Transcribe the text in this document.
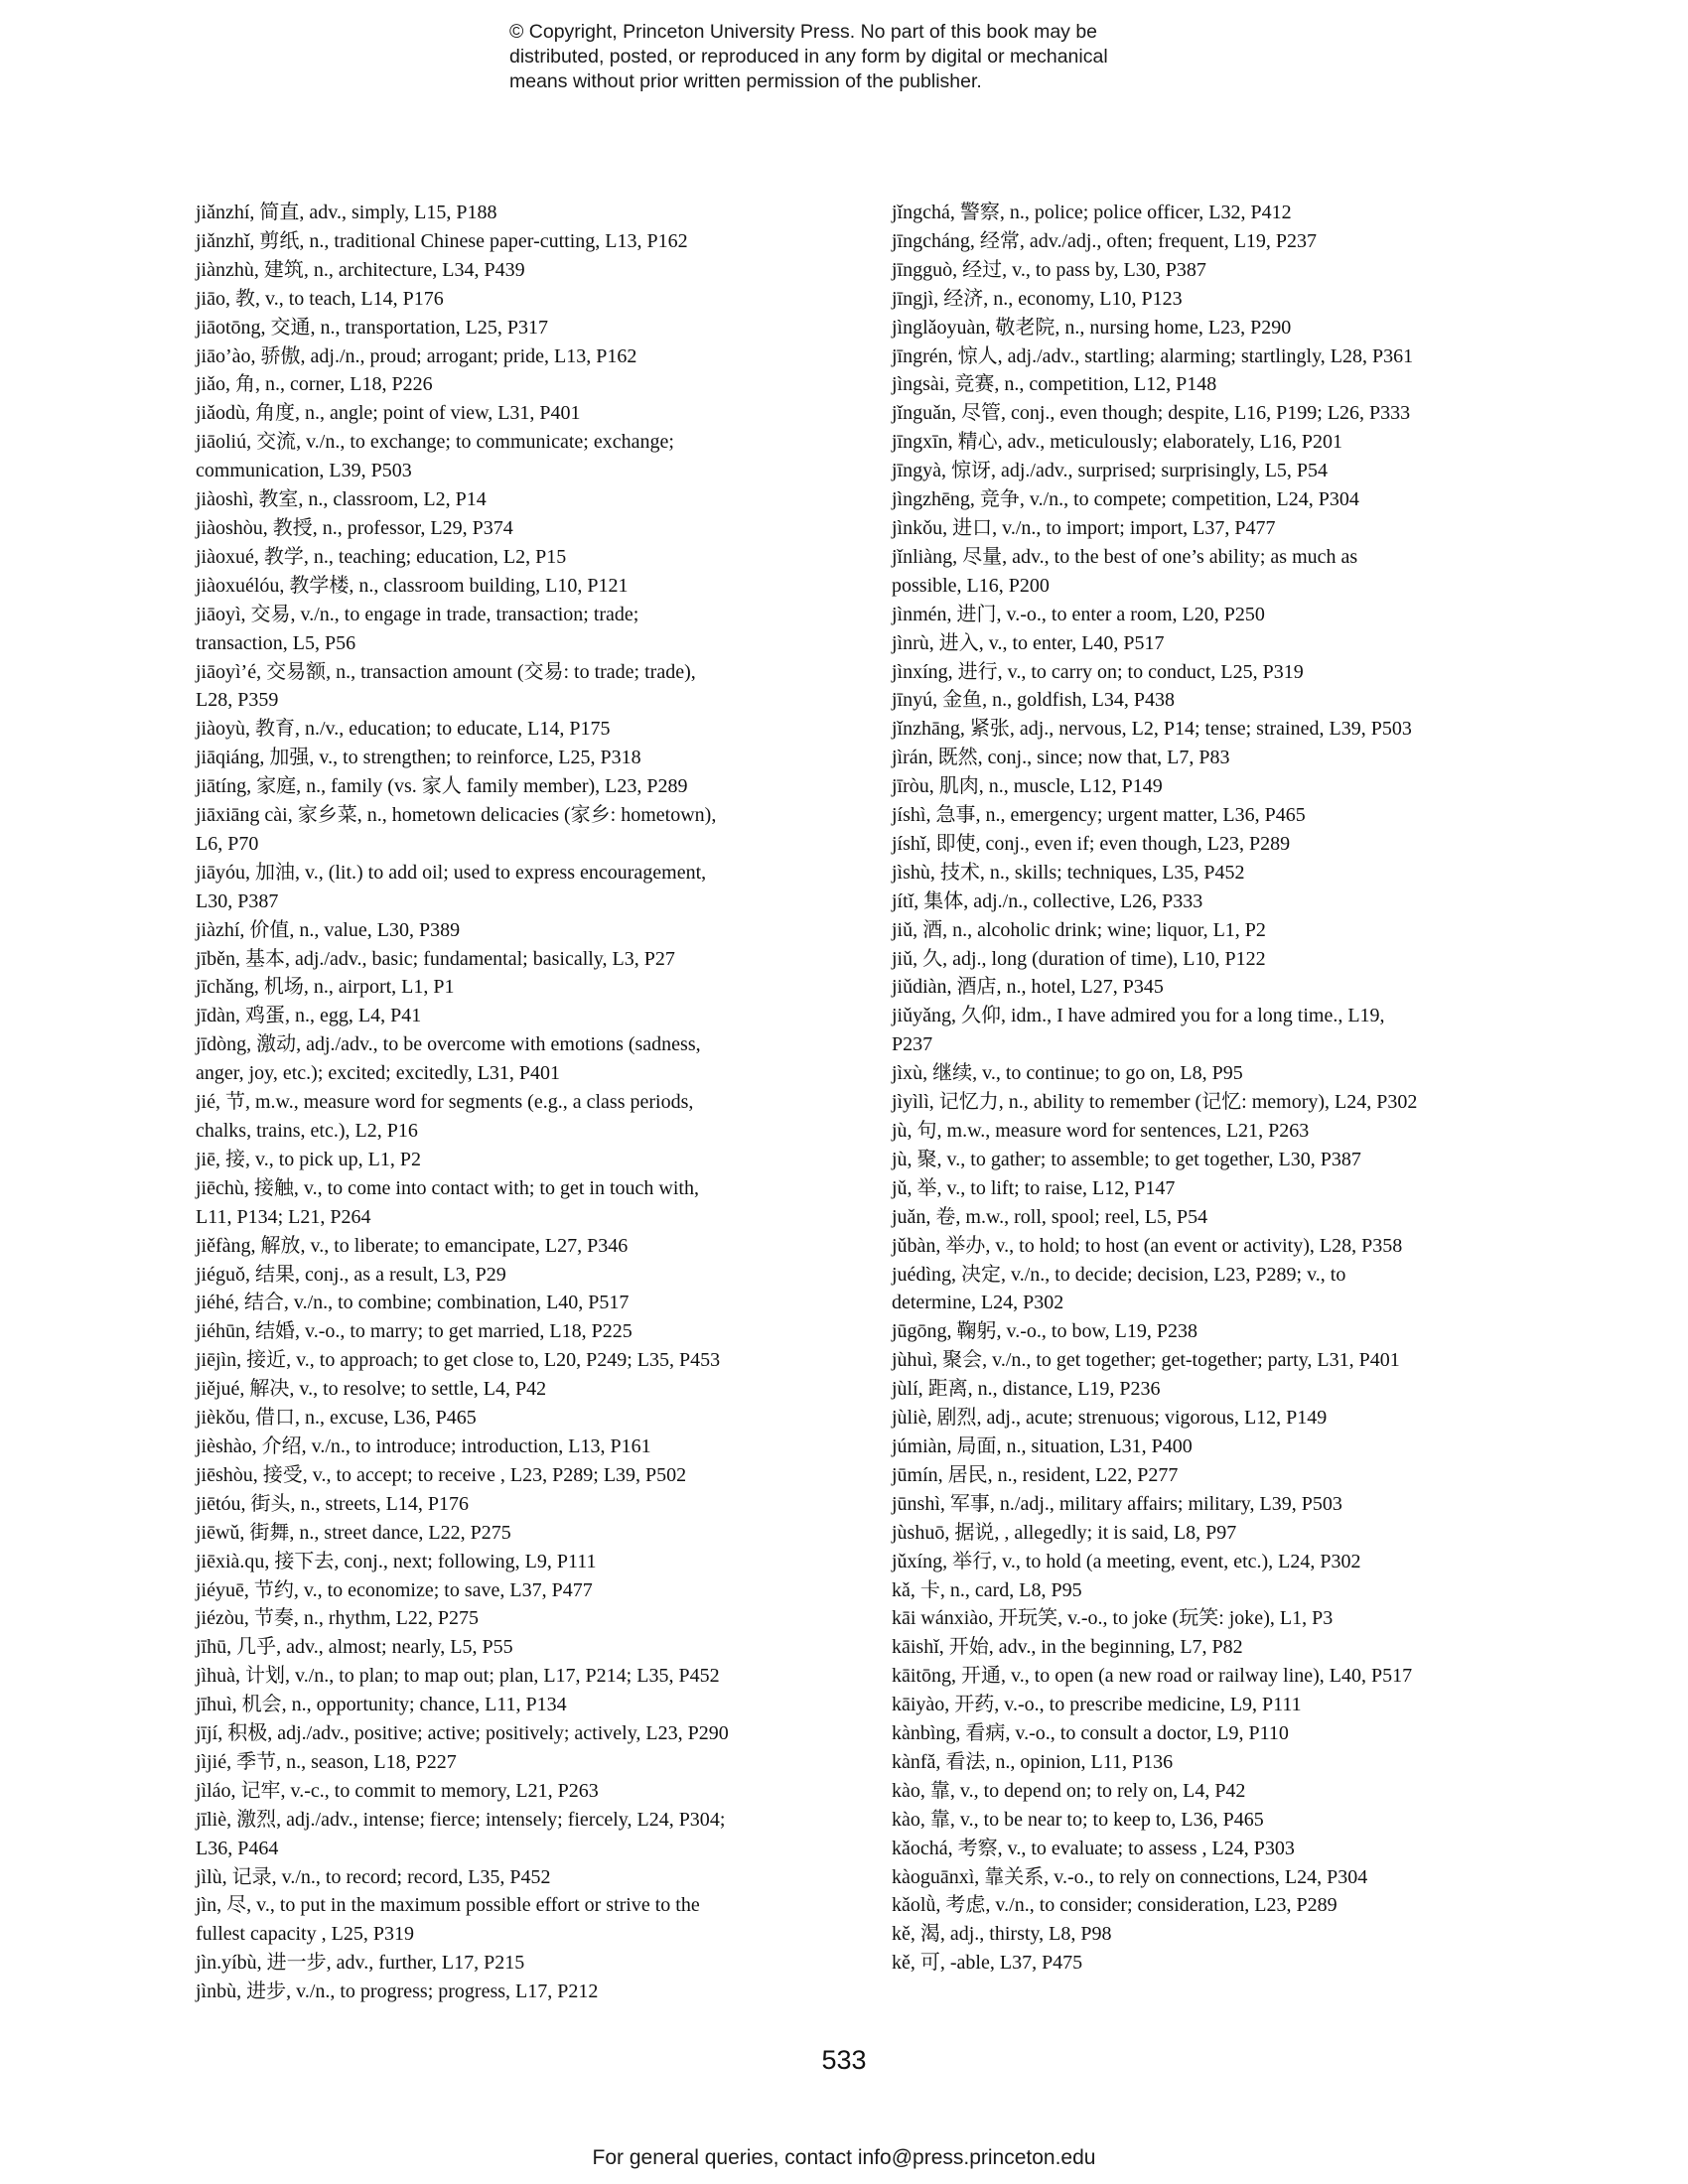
© Copyright, Princeton University Press. No part of this book may be
distributed, posted, or reproduced in any form by digital or mechanical
means without prior written permission of the publisher.
jiǎnzhí, 简直, adv., simply, L15, P188
jiǎnzhǐ, 剪纸, n., traditional Chinese paper-cutting, L13, P162
jiànzhù, 建筑, n., architecture, L34, P439
jiāo, 教, v., to teach, L14, P176
jiāotōng, 交通, n., transportation, L25, P317
jiāo’ào, 骄傲, adj./n., proud; arrogant; pride, L13, P162
jiǎo, 角, n., corner, L18, P226
jiǎodù, 角度, n., angle; point of view, L31, P401
jiāoliú, 交流, v./n., to exchange; to communicate; exchange;
communication, L39, P503
jiàoshì, 教室, n., classroom, L2, P14
jiàoshòu, 教授, n., professor, L29, P374
jiàoxué, 教学, n., teaching; education, L2, P15
jiàoxuélóu, 教学楼, n., classroom building, L10, P121
jiāoyì, 交易, v./n., to engage in trade, transaction; trade;
transaction, L5, P56
jiāoyì’é, 交易额, n., transaction amount (交易: to trade; trade),
L28, P359
jiàoyù, 教育, n./v., education; to educate, L14, P175
jiāqiáng, 加强, v., to strengthen; to reinforce, L25, P318
jiātíng, 家庭, n., family (vs. 家人 family member), L23, P289
jiāxiāng cài, 家乡菜, n., hometown delicacies (家乡: hometown),
L6, P70
jiāyóu, 加油, v., (lit.) to add oil; used to express encouragement,
L30, P387
jiàzhí, 价值, n., value, L30, P389
jīběn, 基本, adj./adv., basic; fundamental; basically, L3, P27
jīchǎng, 机场, n., airport, L1, P1
jīdàn, 鸡蛋, n., egg, L4, P41
jīdòng, 激动, adj./adv., to be overcome with emotions (sadness,
anger, joy, etc.); excited; excitedly, L31, P401
jié, 节, m.w., measure word for segments (e.g., a class periods,
chalks, trains, etc.), L2, P16
jiē, 接, v., to pick up, L1, P2
jiēchù, 接触, v., to come into contact with; to get in touch with,
L11, P134; L21, P264
jiěfàng, 解放, v., to liberate; to emancipate, L27, P346
jiéguǒ, 结果, conj., as a result, L3, P29
jiéhé, 结合, v./n., to combine; combination, L40, P517
jiéhūn, 结婚, v.-o., to marry; to get married, L18, P225
jiējìn, 接近, v., to approach; to get close to, L20, P249; L35, P453
jiějué, 解决, v., to resolve; to settle, L4, P42
jièkǒu, 借口, n., excuse, L36, P465
jièshào, 介绍, v./n., to introduce; introduction, L13, P161
jiēshòu, 接受, v., to accept; to receive , L23, P289; L39, P502
jiētóu, 街头, n., streets, L14, P176
jiēwǔ, 街舞, n., street dance, L22, P275
jiēxià.qu, 接下去, conj., next; following, L9, P111
jiéyuē, 节约, v., to economize; to save, L37, P477
jiézòu, 节奏, n., rhythm, L22, P275
jīhū, 几乎, adv., almost; nearly, L5, P55
jìhuà, 计划, v./n., to plan; to map out; plan, L17, P214; L35, P452
jīhuì, 机会, n., opportunity; chance, L11, P134
jījí, 积极, adj./adv., positive; active; positively; actively, L23, P290
jìjié, 季节, n., season, L18, P227
jìláo, 记牢, v.-c., to commit to memory, L21, P263
jīliè, 激烈, adj./adv., intense; fierce; intensely; fiercely, L24, P304;
L36, P464
jìlù, 记录, v./n., to record; record, L35, P452
jìn, 尽, v., to put in the maximum possible effort or strive to the
fullest capacity , L25, P319
jìn.yíbù, 进一步, adv., further, L17, P215
jìnbù, 进步, v./n., to progress; progress, L17, P212
jǐngchá, 警察, n., police; police officer, L32, P412
jīngcháng, 经常, adv./adj., often; frequent, L19, P237
jīngguò, 经过, v., to pass by, L30, P387
jīngjì, 经济, n., economy, L10, P123
jìnglǎoyuàn, 敬老院, n., nursing home, L23, P290
jīngrén, 惊人, adj./adv., startling; alarming; startlingly, L28, P361
jìngsài, 竞赛, n., competition, L12, P148
jǐnguǎn, 尽管, conj., even though; despite, L16, P199; L26, P333
jīngxīn, 精心, adv., meticulously; elaborately, L16, P201
jīngyà, 惊讶, adj./adv., surprised; surprisingly, L5, P54
jìngzhēng, 竞争, v./n., to compete; competition, L24, P304
jìnkǒu, 进口, v./n., to import; import, L37, P477
jǐnliàng, 尽量, adv., to the best of one’s ability; as much as
possible, L16, P200
jìnmén, 进门, v.-o., to enter a room, L20, P250
jìnrù, 进入, v., to enter, L40, P517
jìnxíng, 进行, v., to carry on; to conduct, L25, P319
jīnyú, 金鱼, n., goldfish, L34, P438
jǐnzhāng, 紧张, adj., nervous, L2, P14; tense; strained, L39, P503
jìrán, 既然, conj., since; now that, L7, P83
jīròu, 肌肉, n., muscle, L12, P149
jíshì, 急事, n., emergency; urgent matter, L36, P465
jíshǐ, 即使, conj., even if; even though, L23, P289
jìshù, 技术, n., skills; techniques, L35, P452
jítǐ, 集体, adj./n., collective, L26, P333
jiǔ, 酒, n., alcoholic drink; wine; liquor, L1, P2
jiǔ, 久, adj., long (duration of time), L10, P122
jiǔdiàn, 酒店, n., hotel, L27, P345
jiǔyǎng, 久仰, idm., I have admired you for a long time., L19,
P237
jìxù, 继续, v., to continue; to go on, L8, P95
jìyìlì, 记忆力, n., ability to remember (记忆: memory), L24, P302
jù, 句, m.w., measure word for sentences, L21, P263
jù, 聚, v., to gather; to assemble; to get together, L30, P387
jǔ, 举, v., to lift; to raise, L12, P147
juǎn, 卷, m.w., roll, spool; reel, L5, P54
jǔbàn, 举办, v., to hold; to host (an event or activity), L28, P358
juédìng, 决定, v./n., to decide; decision, L23, P289; v., to
determine, L24, P302
jūgōng, 鞠躬, v.-o., to bow, L19, P238
jùhuì, 聚会, v./n., to get together; get-together; party, L31, P401
jùlí, 距离, n., distance, L19, P236
jùliè, 剧烈, adj., acute; strenuous; vigorous, L12, P149
júmiàn, 局面, n., situation, L31, P400
jūmín, 居民, n., resident, L22, P277
jūnshì, 军事, n./adj., military affairs; military, L39, P503
jùshuō, 据说, , allegedly; it is said, L8, P97
jǔxíng, 举行, v., to hold (a meeting, event, etc.), L24, P302
kǎ, 卡, n., card, L8, P95
kāi wánxiào, 开玩笑, v.-o., to joke (玩笑: joke), L1, P3
kāishǐ, 开始, adv., in the beginning, L7, P82
kāitōng, 开通, v., to open (a new road or railway line), L40, P517
kāiyào, 开药, v.-o., to prescribe medicine, L9, P111
kànbìng, 看病, v.-o., to consult a doctor, L9, P110
kànfǎ, 看法, n., opinion, L11, P136
kào, 靠, v., to depend on; to rely on, L4, P42
kào, 靠, v., to be near to; to keep to, L36, P465
kǎochá, 考察, v., to evaluate; to assess , L24, P303
kàoguānxì, 靠关系, v.-o., to rely on connections, L24, P304
kǎolǜ, 考虑, v./n., to consider; consideration, L23, P289
kě, 渴, adj., thirsty, L8, P98
kě, 可, -able, L37, P475
533
For general queries, contact info@press.princeton.edu
